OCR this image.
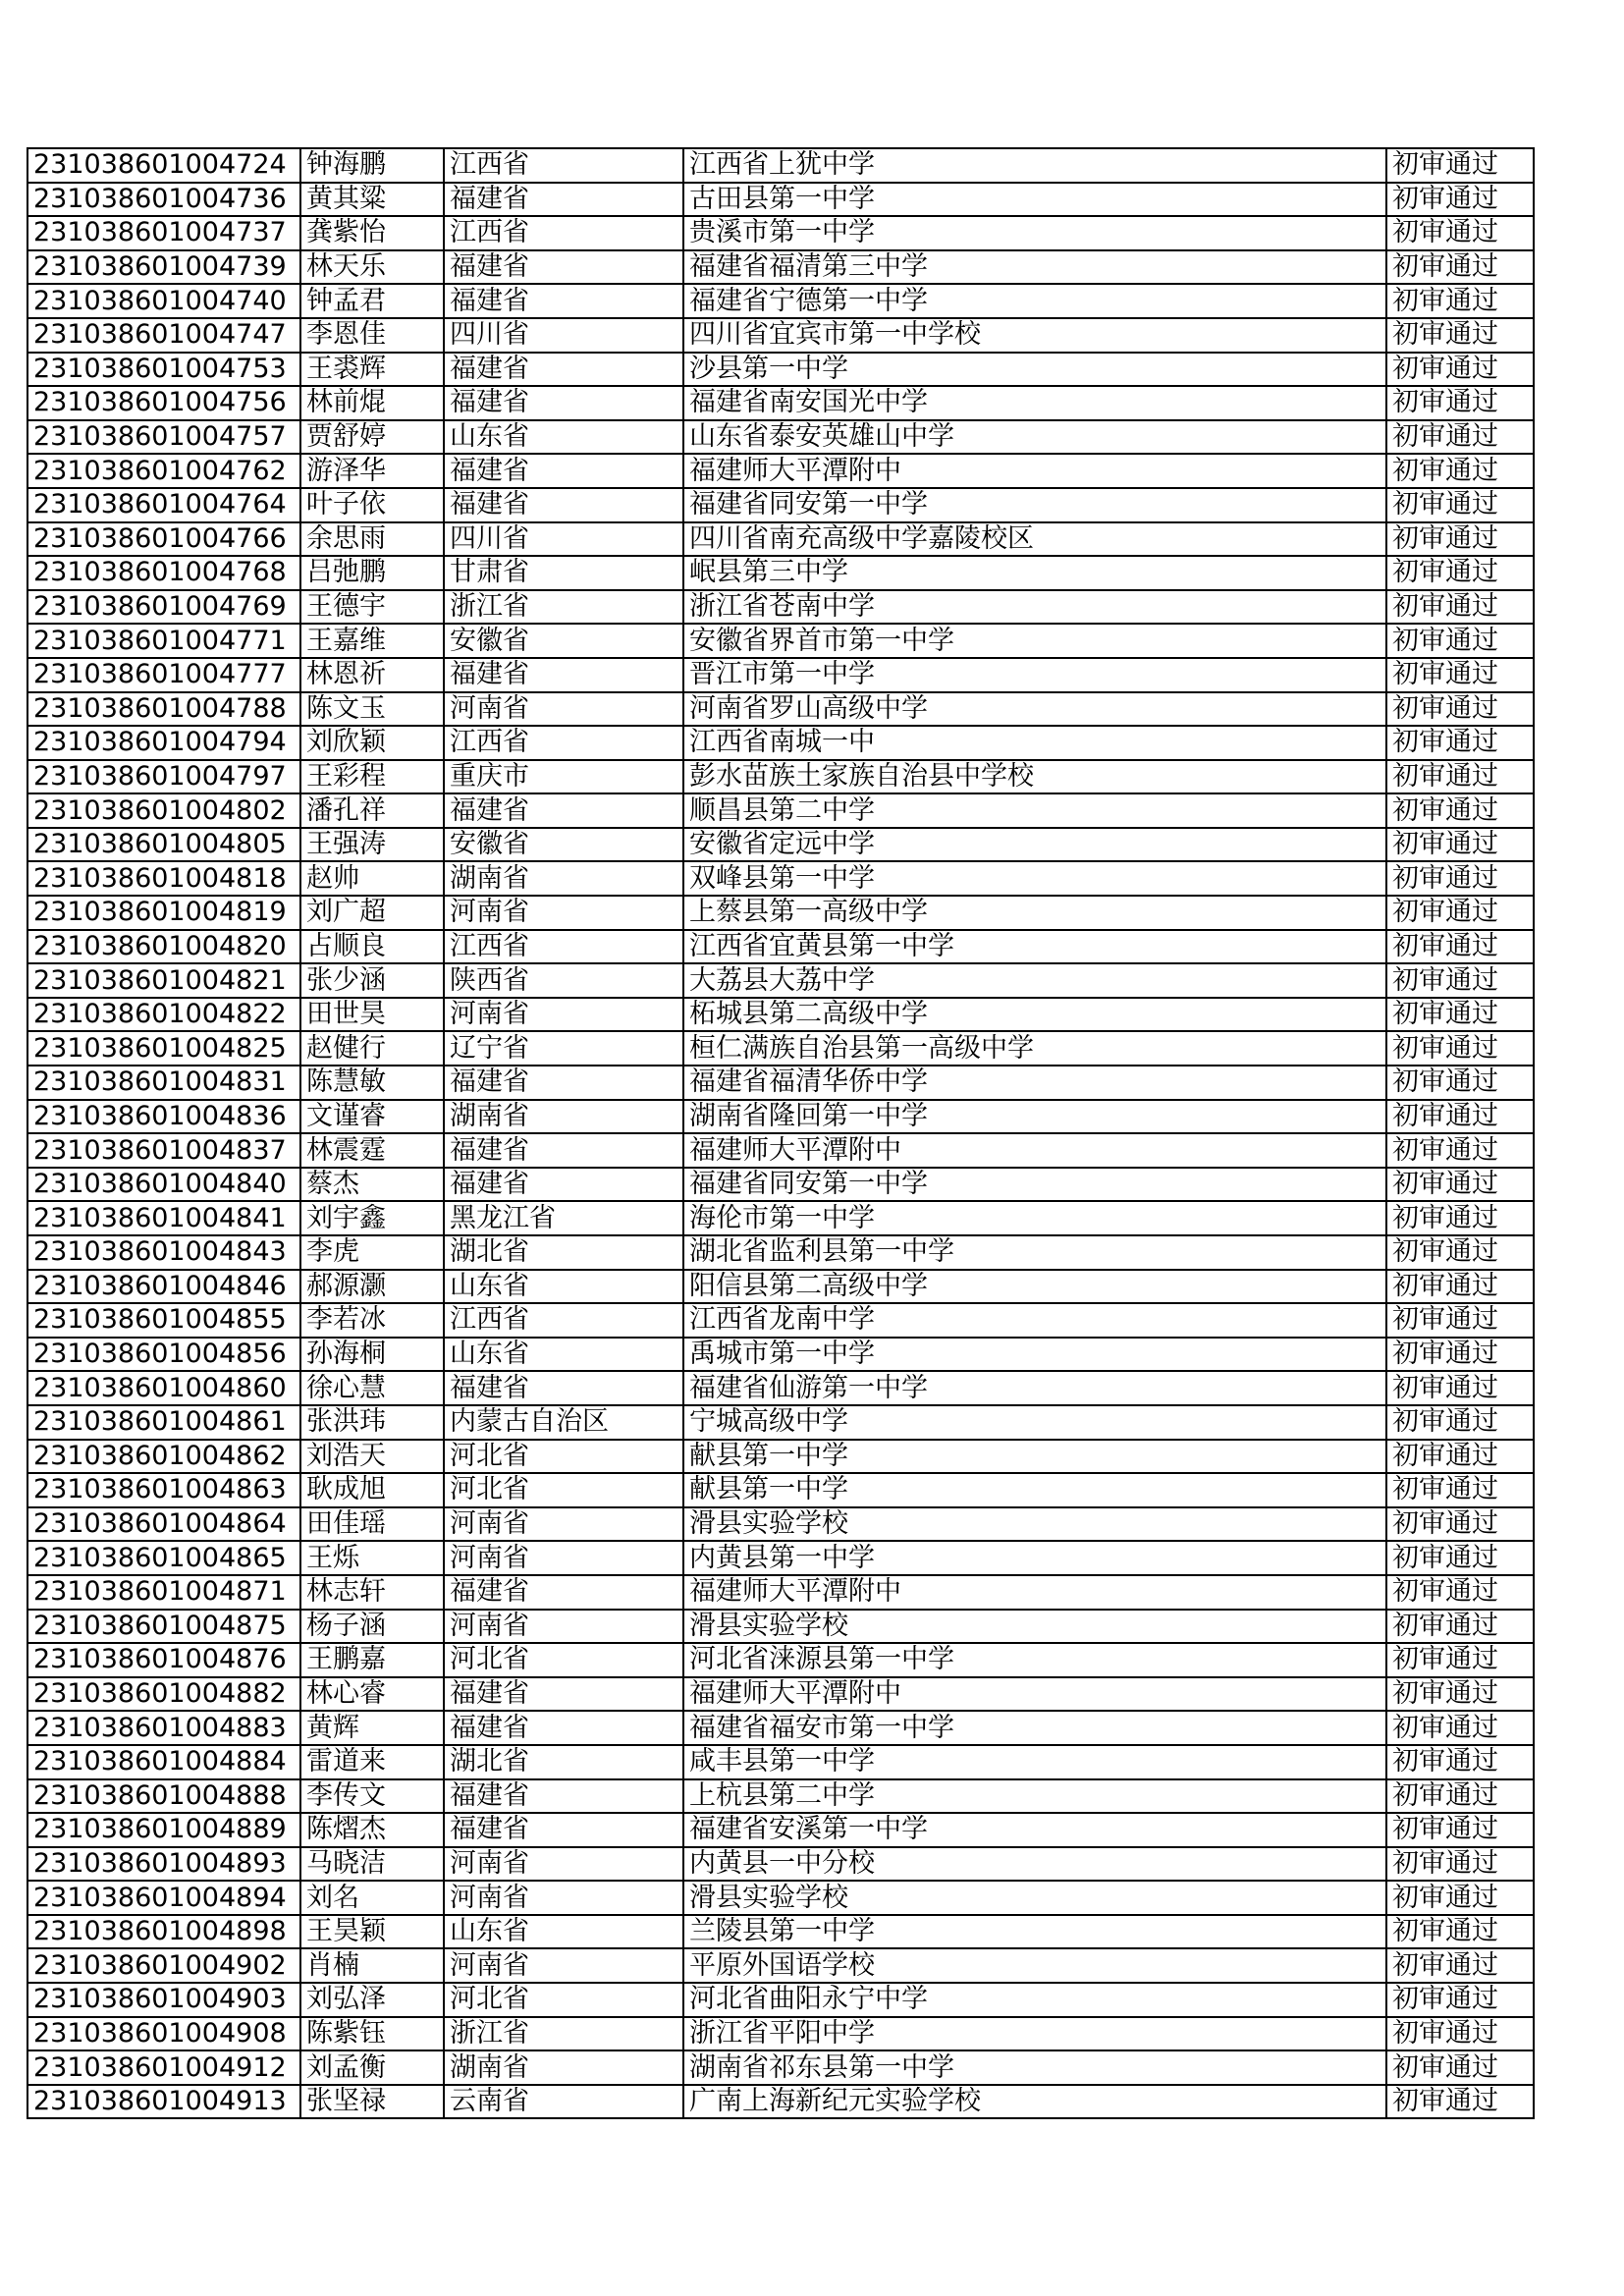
231038601004724	钟海鹏	江西省	江西省上犹中学	初审通过
231038601004736	黄其粱	福建省	古田县第一中学	初审通过
231038601004737	龚紫怡	江西省	贵溪市第一中学	初审通过
231038601004739	林天乐	福建省	福建省福清第三中学	初审通过
231038601004740	钟孟君	福建省	福建省宁德第一中学	初审通过
231038601004747	李恩佳	四川省	四川省宜宾市第一中学校	初审通过
231038601004753	王裘辉	福建省	沙县第一中学	初审通过
231038601004756	林前焜	福建省	福建省南安国光中学	初审通过
231038601004757	贾舒婷	山东省	山东省泰安英雄山中学	初审通过
231038601004762	游泽华	福建省	福建师大平潭附中	初审通过
231038601004764	叶子依	福建省	福建省同安第一中学	初审通过
231038601004766	余思雨	四川省	四川省南充高级中学嘉陵校区	初审通过
231038601004768	吕弛鹏	甘肃省	岷县第三中学	初审通过
231038601004769	王德宇	浙江省	浙江省苍南中学	初审通过
231038601004771	王嘉维	安徽省	安徽省界首市第一中学	初审通过
231038601004777	林恩祈	福建省	晋江市第一中学	初审通过
231038601004788	陈文玉	河南省	河南省罗山高级中学	初审通过
231038601004794	刘欣颖	江西省	江西省南城一中	初审通过
231038601004797	王彩程	重庆市	彭水苗族土家族自治县中学校	初审通过
231038601004802	潘孔祥	福建省	顺昌县第二中学	初审通过
231038601004805	王强涛	安徽省	安徽省定远中学	初审通过
231038601004818	赵帅	湖南省	双峰县第一中学	初审通过
231038601004819	刘广超	河南省	上蔡县第一高级中学	初审通过
231038601004820	占顺良	江西省	江西省宜黄县第一中学	初审通过
231038601004821	张少涵	陕西省	大荔县大荔中学	初审通过
231038601004822	田世昊	河南省	柘城县第二高级中学	初审通过
231038601004825	赵健行	辽宁省	桓仁满族自治县第一高级中学	初审通过
231038601004831	陈慧敏	福建省	福建省福清华侨中学	初审通过
231038601004836	文谨睿	湖南省	湖南省隆回第一中学	初审通过
231038601004837	林震霆	福建省	福建师大平潭附中	初审通过
231038601004840	蔡杰	福建省	福建省同安第一中学	初审通过
231038601004841	刘宇鑫	黑龙江省	海伦市第一中学	初审通过
231038601004843	李虎	湖北省	湖北省监利县第一中学	初审通过
231038601004846	郝源灏	山东省	阳信县第二高级中学	初审通过
231038601004855	李若冰	江西省	江西省龙南中学	初审通过
231038601004856	孙海桐	山东省	禹城市第一中学	初审通过
231038601004860	徐心慧	福建省	福建省仙游第一中学	初审通过
231038601004861	张洪玮	内蒙古自治区	宁城高级中学	初审通过
231038601004862	刘浩天	河北省	献县第一中学	初审通过
231038601004863	耿成旭	河北省	献县第一中学	初审通过
231038601004864	田佳瑶	河南省	滑县实验学校	初审通过
231038601004865	王烁	河南省	内黄县第一中学	初审通过
231038601004871	林志轩	福建省	福建师大平潭附中	初审通过
231038601004875	杨子涵	河南省	滑县实验学校	初审通过
231038601004876	王鹏嘉	河北省	河北省涞源县第一中学	初审通过
231038601004882	林心睿	福建省	福建师大平潭附中	初审通过
231038601004883	黄辉	福建省	福建省福安市第一中学	初审通过
231038601004884	雷道来	湖北省	咸丰县第一中学	初审通过
231038601004888	李传文	福建省	上杭县第二中学	初审通过
231038601004889	陈熠杰	福建省	福建省安溪第一中学	初审通过
231038601004893	马晓洁	河南省	内黄县一中分校	初审通过
231038601004894	刘名	河南省	滑县实验学校	初审通过
231038601004898	王昊颖	山东省	兰陵县第一中学	初审通过
231038601004902	肖楠	河南省	平原外国语学校	初审通过
231038601004903	刘弘泽	河北省	河北省曲阳永宁中学	初审通过
231038601004908	陈紫钰	浙江省	浙江省平阳中学	初审通过
231038601004912	刘孟衡	湖南省	湖南省祁东县第一中学	初审通过
231038601004913	张坚禄	云南省	广南上海新纪元实验学校	初审通过
